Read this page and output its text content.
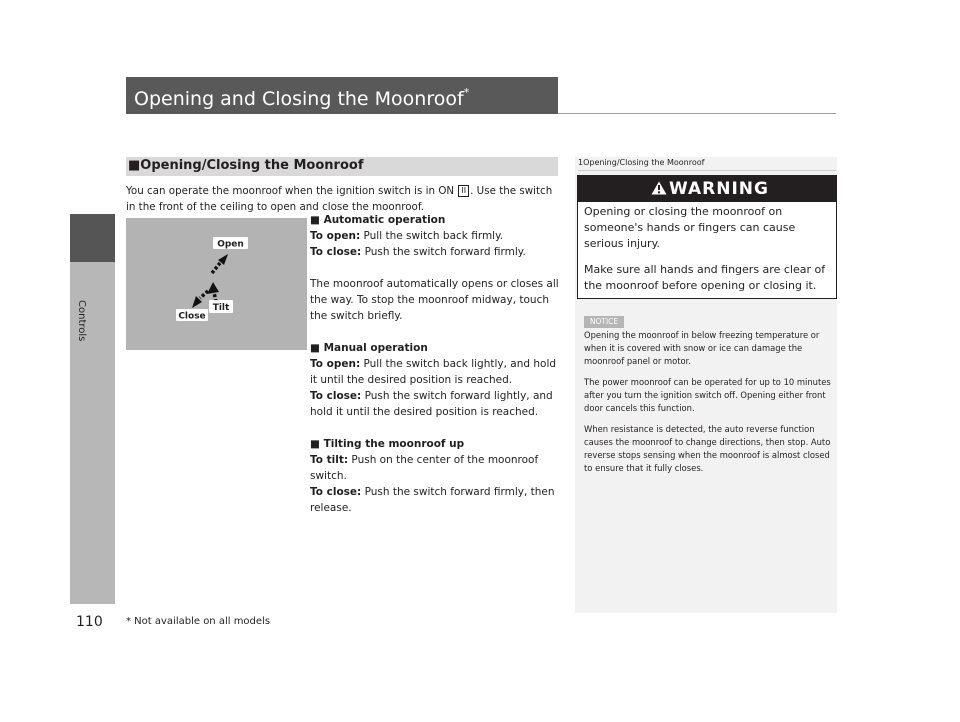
Controls
110 * Not available on all models
Opening and Closing the Moonroof*
■Opening/Closing the Moonroof
You can operate the moonroof when the ignition switch is in ON II . Use the switch in the front of the ceiling to open and close the moonroof.
Open
Tilt
Close
■ Automatic operation
To open: Pull the switch back firmly.
To close: Push the switch forward firmly.
The moonroof automatically opens or closes all the way. To stop the moonroof midway, touch the switch briefly.
■ Manual operation
To open: Pull the switch back lightly, and hold it until the desired position is reached.
To close: Push the switch forward lightly, and hold it until the desired position is reached.
■ Tilting the moonroof up
To tilt: Push on the center of the moonroof switch.
To close: Push the switch forward firmly, then release.
1Opening/Closing the Moonroof
WARNING

Opening or closing the moonroof on someone's hands or fingers can cause serious injury.

Make sure all hands and fingers are clear of the moonroof before opening or closing it.

NOTICE

Opening the moonroof in below freezing temperature or when it is covered with snow or ice can damage the moonroof panel or motor.

The power moonroof can be operated for up to 10 minutes after you turn the ignition switch off. Opening either front door cancels this function.

When resistance is detected, the auto reverse function causes the moonroof to change directions, then stop. Auto reverse stops sensing when the moonroof is almost closed to ensure that it fully closes.
